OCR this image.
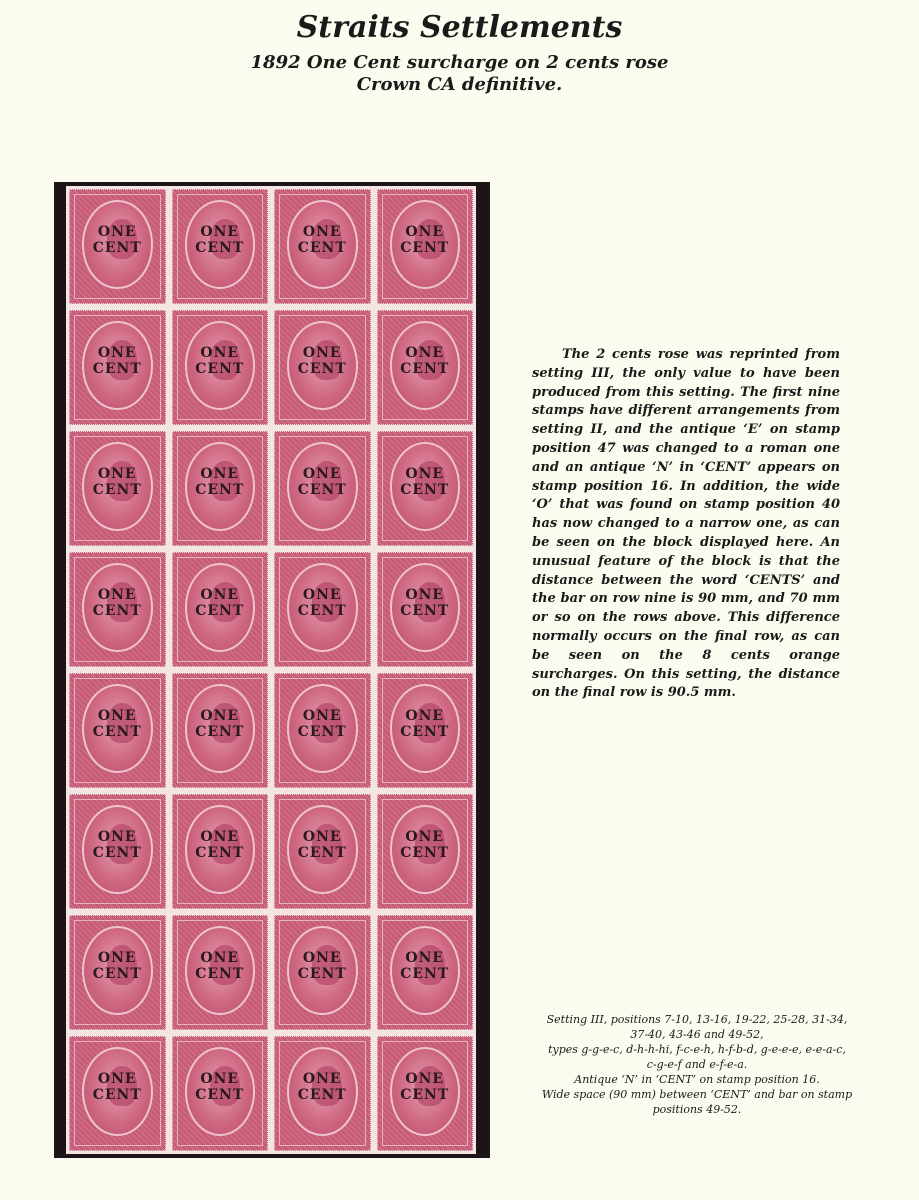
Straits Settlements
1892 One Cent surcharge on 2 cents rose
Crown CA definitive.
ONE
CENT
ONE
CENT
ONE
CENT
ONE
CENT
ONE
CENT
ONE
CENT
ONE
CENT
ONE
CENT
ONE
CENT
ONE
CENT
ONE
CENT
ONE
CENT
ONE
CENT
ONE
CENT
ONE
CENT
ONE
CENT
ONE
CENT
ONE
CENT
ONE
CENT
ONE
CENT
ONE
CENT
ONE
CENT
ONE
CENT
ONE
CENT
ONE
CENT
ONE
CENT
ONE
CENT
ONE
CENT
ONE
CENT
ONE
CENT
ONE
CENT
ONE
CENT

The 2 cents rose was reprinted from setting III, the only value to have been produced from this setting. The first nine stamps have different arrangements from setting II, and the antique ‘E’ on stamp position 47 was changed to a roman one and an antique ‘N’ in ‘CENT’ appears on stamp position 16. In addition, the wide ‘O’ that was found on stamp position 40 has now changed to a narrow one, as can be seen on the block displayed here. An unusual feature of the block is that the distance between the word ‘CENTS’ and the bar on row nine is 90 mm, and 70 mm or so on the rows above. This difference normally occurs on the final row, as can be seen on the 8 cents orange surcharges. On this setting, the distance on the final row is 90.5 mm.

Setting III, positions 7-10, 13-16, 19-22, 25-28, 31-34,
37-40, 43-46 and 49-52,
types g-g-e-c, d-h-h-hi, f-c-e-h, h-f-b-d, g-e-e-e, e-e-a-c,
c-g-e-f and e-f-e-a.
Antique ‘N’ in ‘CENT’ on stamp position 16.
Wide space (90 mm) between ‘CENT’ and bar on stamp
positions 49-52.
